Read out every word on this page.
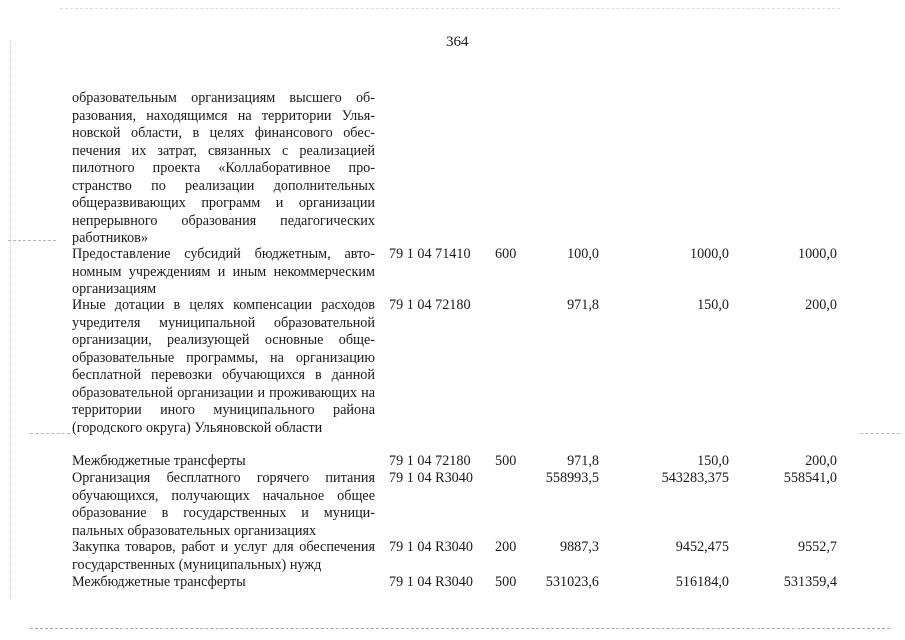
364
образовательным организациям высшего образования, находящимся на территории Ульяновской области, в целях финансового обеспечения их затрат, связанных с реализацией пилотного проекта «Коллаборативное пространство по реализации дополнительных общеразвивающих программ и организации непрерывного образования педагогических работников»
Предоставление субсидий бюджетным, автономным учреждениям и иным некоммерческим организациям
79 1 04 71410 600	100,0	1000,0	1000,0
Иные дотации в целях компенсации расходов учредителя муниципальной образовательной организации, реализующей основные общеобразовательные программы, на организацию бесплатной перевозки обучающихся в данной образовательной организации и проживающих на территории иного муниципального района (городского округа) Ульяновской области
79 1 04 72180	971,8	150,0	200,0
Межбюджетные трансферты	79 1 04 72180 500	971,8	150,0	200,0
Организация бесплатного горячего питания обучающихся, получающих начальное общее образование в государственных и муниципальных образовательных организациях
79 1 04 R3040	558993,5	543283,375	558541,0
Закупка товаров, работ и услуг для обеспечения государственных (муниципальных) нужд
79 1 04 R3040 200	9887,3	9452,475	9552,7
Межбюджетные трансферты	79 1 04 R3040 500 531023,6	516184,0	531359,4
